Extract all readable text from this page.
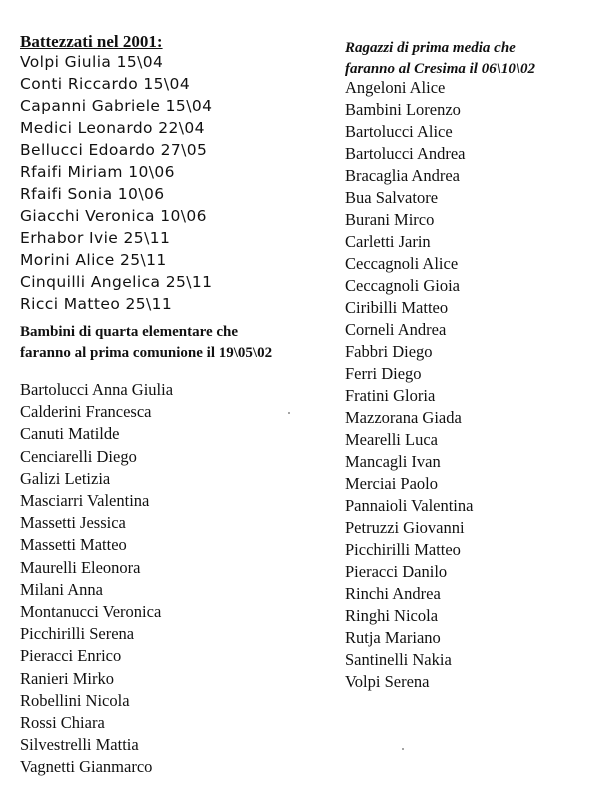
Battezzati nel 2001:
Volpi Giulia 15\04
Conti Riccardo 15\04
Capanni Gabriele 15\04
Medici Leonardo 22\04
Bellucci Edoardo 27\05
Rfaifi Miriam 10\06
Rfaifi Sonia 10\06
Giacchi Veronica 10\06
Erhabor Ivie 25\11
Morini Alice 25\11
Cinquilli Angelica 25\11
Ricci Matteo 25\11
Bambini di quarta elementare che
faranno al prima comunione il 19\05\02
Bartolucci Anna Giulia
Calderini Francesca
Canuti Matilde
Cenciarelli Diego
Galizi Letizia
Masciarri Valentina
Massetti Jessica
Massetti Matteo
Maurelli Eleonora
Milani Anna
Montanucci Veronica
Picchirilli Serena
Pieracci Enrico
Ranieri Mirko
Robellini Nicola
Rossi Chiara
Silvestrelli Mattia
Vagnetti Gianmarco
Ragazzi di prima media che
faranno al Cresima il 06\10\02
Angeloni Alice
Bambini Lorenzo
Bartolucci Alice
Bartolucci Andrea
Bracaglia Andrea
Bua Salvatore
Burani Mirco
Carletti Jarin
Ceccagnoli Alice
Ceccagnoli Gioia
Ciribilli Matteo
Corneli Andrea
Fabbri Diego
Ferri Diego
Fratini Gloria
Mazzorana Giada
Mearelli Luca
Mancagli Ivan
Merciai Paolo
Pannaioli Valentina
Petruzzi Giovanni
Picchirilli Matteo
Pieracci Danilo
Rinchi Andrea
Ringhi Nicola
Rutja Mariano
Santinelli Nakia
Volpi Serena
